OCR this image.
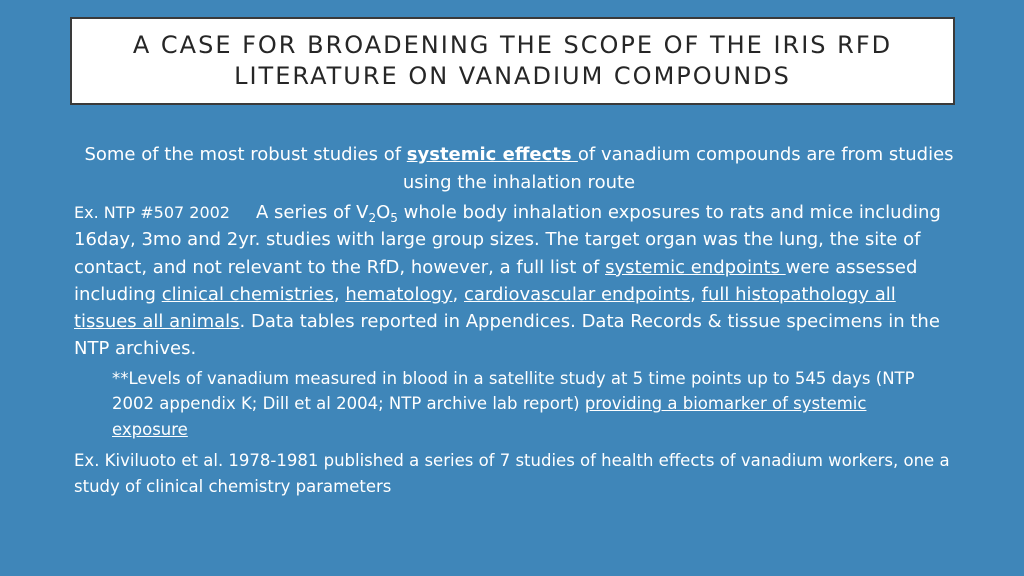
A CASE FOR BROADENING THE SCOPE OF THE IRIS RFD
LITERATURE ON VANADIUM COMPOUNDS
Some of the most robust studies of systemic effects of vanadium compounds are from studies using the inhalation route
Ex. NTP #507 2002 A series of $V_2O_5$ whole body inhalation exposures to rats and mice including 16day, 3mo and 2yr. studies with large group sizes. The target organ was the lung, the site of contact, and not relevant to the RfD, however, a full list of systemic endpoints were assessed including clinical chemistries, hematology, cardiovascular endpoints, full histopathology all tissues all animals. Data tables reported in Appendices. Data Records & tissue specimens in the NTP archives.
**Levels of vanadium measured in blood in a satellite study at 5 time points up to 545 days (NTP 2002 appendix K; Dill et al 2004; NTP archive lab report) providing a biomarker of systemic exposure
Ex. Kiviluoto et al. 1978-1981 published a series of 7 studies of health effects of vanadium workers, one a study of clinical chemistry parameters
